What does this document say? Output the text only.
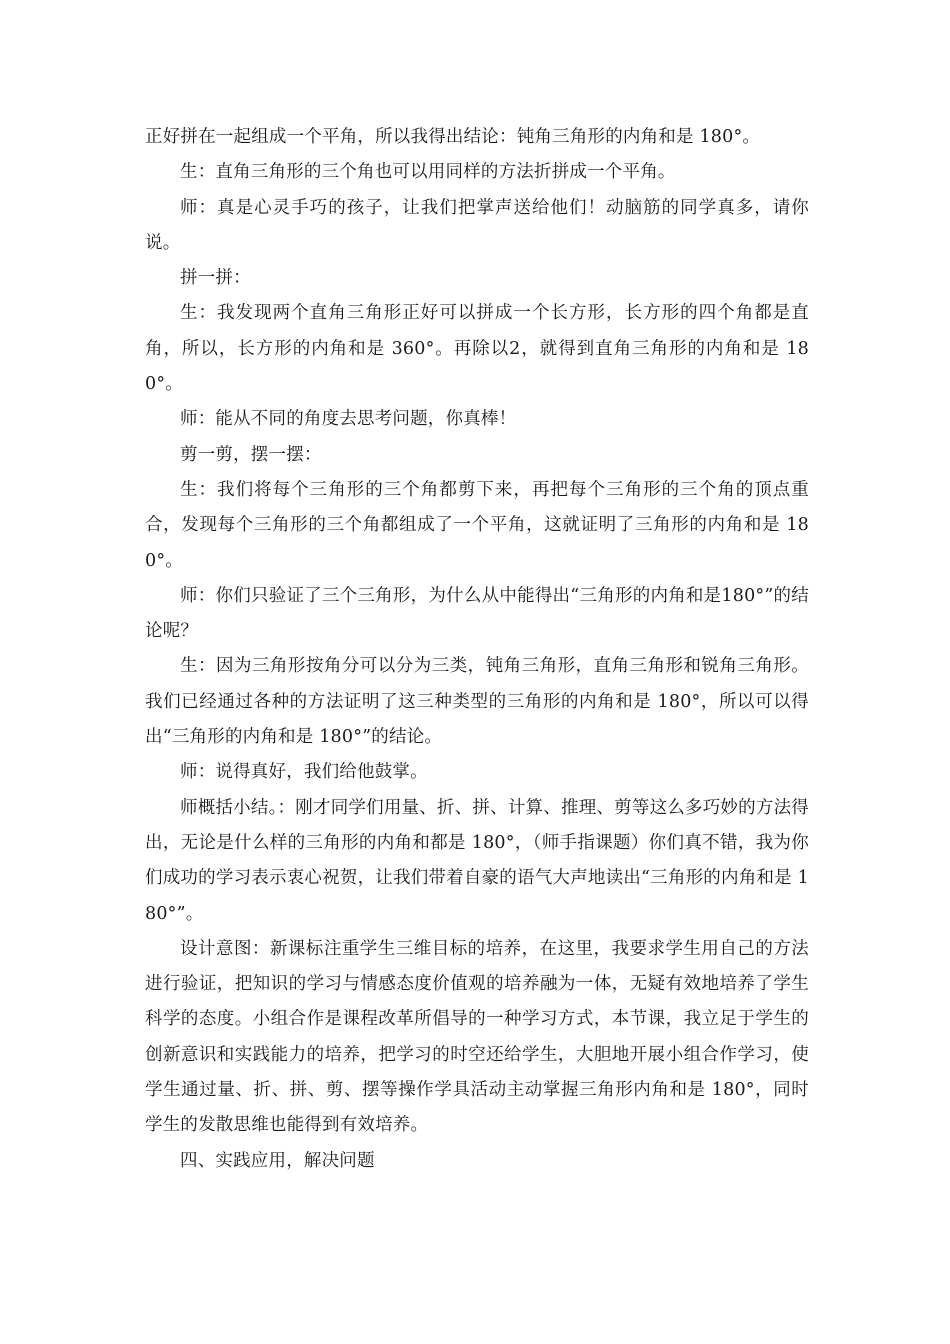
正好拼在一起组成一个平角，所以我得出结论：钝角三角形的内角和是 180°。

生：直角三角形的三个角也可以用同样的方法折拼成一个平角。

师：真是心灵手巧的孩子，让我们把掌声送给他们！动脑筋的同学真多，请你说。

拼一拼：

生：我发现两个直角三角形正好可以拼成一个长方形，长方形的四个角都是直角，所以，长方形的内角和是 360°。再除以2，就得到直角三角形的内角和是 180°。

师：能从不同的角度去思考问题，你真棒！

剪一剪，摆一摆：

生：我们将每个三角形的三个角都剪下来，再把每个三角形的三个角的顶点重合，发现每个三角形的三个角都组成了一个平角，这就证明了三角形的内角和是 180°。

师：你们只验证了三个三角形，为什么从中能得出“三角形的内角和是180°”的结论呢？

生：因为三角形按角分可以分为三类，钝角三角形，直角三角形和锐角三角形。我们已经通过各种的方法证明了这三种类型的三角形的内角和是 180°，所以可以得出“三角形的内角和是 180°”的结论。

师：说得真好，我们给他鼓掌。

师概括小结。：刚才同学们用量、折、拼、计算、推理、剪等这么多巧妙的方法得出，无论是什么样的三角形的内角和都是 180°，（师手指课题）你们真不错，我为你们成功的学习表示衷心祝贺，让我们带着自豪的语气大声地读出“三角形的内角和是 180°”。

设计意图：新课标注重学生三维目标的培养，在这里，我要求学生用自己的方法进行验证，把知识的学习与情感态度价值观的培养融为一体，无疑有效地培养了学生科学的态度。小组合作是课程改革所倡导的一种学习方式，本节课，我立足于学生的创新意识和实践能力的培养，把学习的时空还给学生，大胆地开展小组合作学习，使学生通过量、折、拼、剪、摆等操作学具活动主动掌握三角形内角和是 180°，同时学生的发散思维也能得到有效培养。

四、实践应用，解决问题
